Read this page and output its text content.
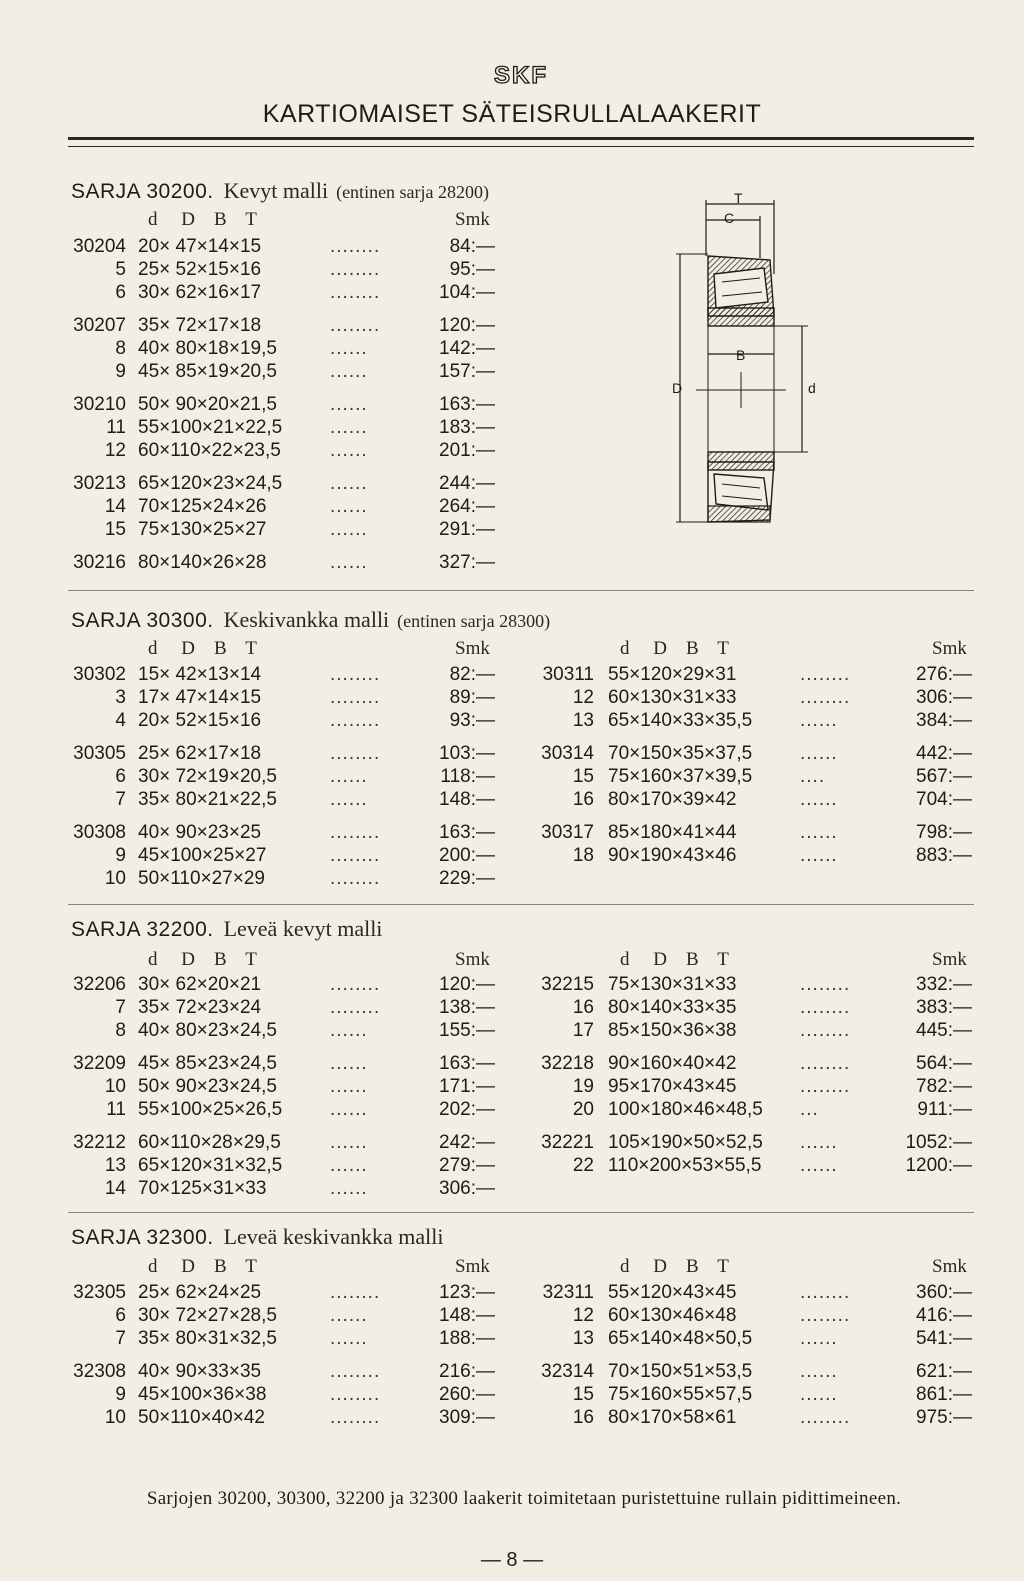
SKF
KARTIOMAISET SÄTEISRULLALAAKERIT
T
C
B
D	d
SARJA 30200. Kevyt malli (entinen sarja 28200)
d     D    B    T	Smk
30204 20× 47×14×15	........	84:—
5 25× 52×15×16	........	95:—
6 30× 62×16×17	........	104:—
30207 35× 72×17×18	........	120:—
8 40× 80×18×19,5	......	142:—
9 45× 85×19×20,5	......	157:—
30210 50× 90×20×21,5	......	163:—
11 55×100×21×22,5	......	183:—
12 60×110×22×23,5	......	201:—
30213 65×120×23×24,5	......	244:—
14 70×125×24×26	......	264:—
15 75×130×25×27	......	291:—
30216 80×140×26×28	......	327:—
SARJA 30300. Keskivankka malli (entinen sarja 28300)
d     D    B    T	Smk	d     D    B    T	Smk
30302 15× 42×13×14	........	82:—
3 17× 47×14×15	........	89:—
4 20× 52×15×16	........	93:—
30305 25× 62×17×18	........	103:—
6 30× 72×19×20,5	......	118:—
7 35× 80×21×22,5	......	148:—
30308 40× 90×23×25	........	163:—
9 45×100×25×27	........	200:—
10 50×110×27×29	........	229:—
30311 55×120×29×31	........	276:—
12 60×130×31×33	........	306:—
13 65×140×33×35,5	......	384:—
30314 70×150×35×37,5	......	442:—
15 75×160×37×39,5	....	567:—
16 80×170×39×42	......	704:—
30317 85×180×41×44	......	798:—
18 90×190×43×46	......	883:—
SARJA 32200. Leveä kevyt malli
d     D    B    T	Smk	d     D    B    T	Smk
32206 30× 62×20×21	........	120:—
7 35× 72×23×24	........	138:—
8 40× 80×23×24,5	......	155:—
32209 45× 85×23×24,5	......	163:—
10 50× 90×23×24,5	......	171:—
11 55×100×25×26,5	......	202:—
32212 60×110×28×29,5	......	242:—
13 65×120×31×32,5	......	279:—
14 70×125×31×33	......	306:—
32215 75×130×31×33	........	332:—
16 80×140×33×35	........	383:—
17 85×150×36×38	........	445:—
32218 90×160×40×42	........	564:—
19 95×170×43×45	........	782:—
20 100×180×46×48,5 ...	911:—
32221 105×190×50×52,5 ......	1052:—
22 110×200×53×55,5 ......	1200:—
SARJA 32300. Leveä keskivankka malli
d     D    B    T	Smk	d     D    B    T	Smk
32305 25× 62×24×25	........	123:—
6 30× 72×27×28,5	......	148:—
7 35× 80×31×32,5	......	188:—
32308 40× 90×33×35	........	216:—
9 45×100×36×38	........	260:—
10 50×110×40×42	........	309:—
32311 55×120×43×45	........	360:—
12 60×130×46×48	........	416:—
13 65×140×48×50,5	......	541:—
32314 70×150×51×53,5	......	621:—
15 75×160×55×57,5	......	861:—
16 80×170×58×61	........	975:—
Sarjojen 30200, 30300, 32200 ja 32300 laakerit toimitetaan puristettuine rullain pidittimeineen.
— 8 —
